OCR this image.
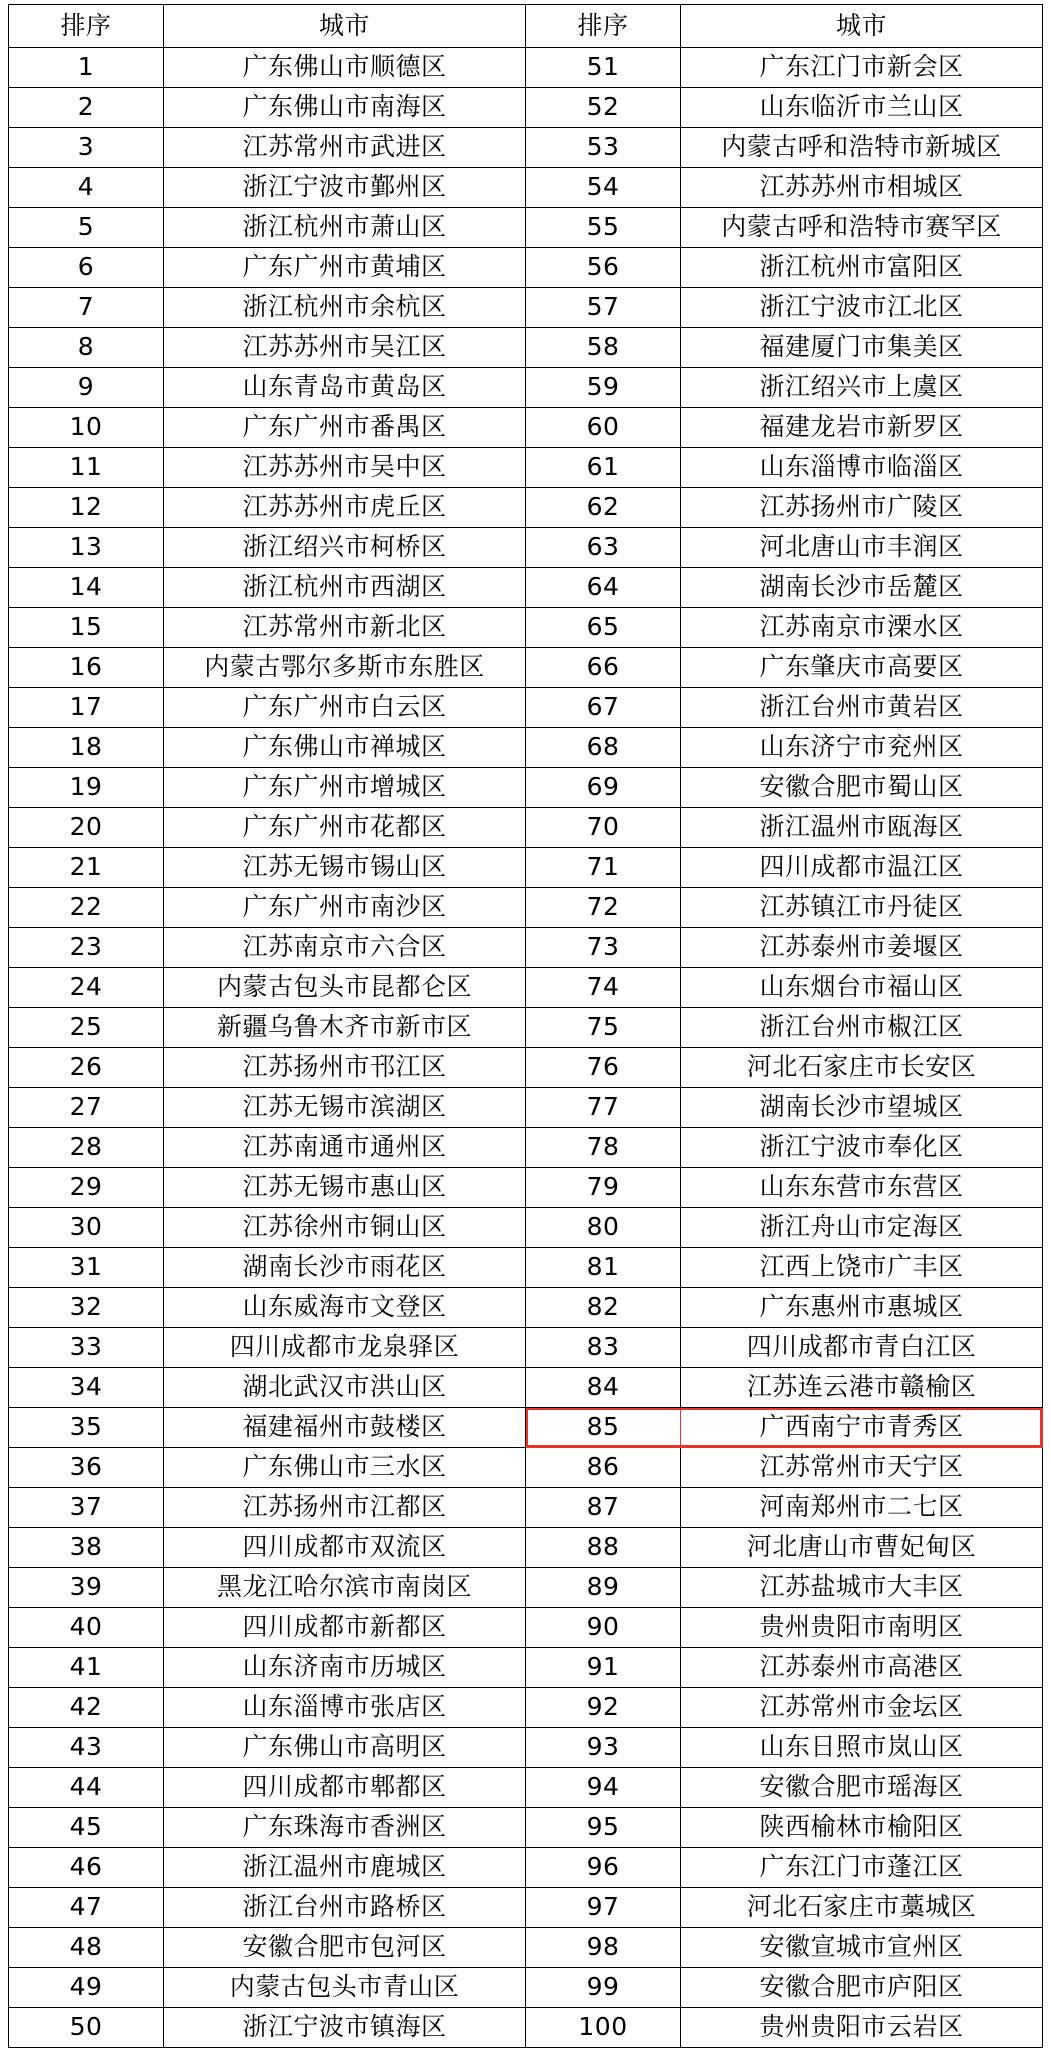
排序	城市	排序	城市
1	广东佛山市顺德区	51	广东江门市新会区
2	广东佛山市南海区	52	山东临沂市兰山区
3	江苏常州市武进区	53	内蒙古呼和浩特市新城区
4	浙江宁波市鄞州区	54	江苏苏州市相城区
5	浙江杭州市萧山区	55	内蒙古呼和浩特市赛罕区
6	广东广州市黄埔区	56	浙江杭州市富阳区
7	浙江杭州市余杭区	57	浙江宁波市江北区
8	江苏苏州市吴江区	58	福建厦门市集美区
9	山东青岛市黄岛区	59	浙江绍兴市上虞区
10	广东广州市番禺区	60	福建龙岩市新罗区
11	江苏苏州市吴中区	61	山东淄博市临淄区
12	江苏苏州市虎丘区	62	江苏扬州市广陵区
13	浙江绍兴市柯桥区	63	河北唐山市丰润区
14	浙江杭州市西湖区	64	湖南长沙市岳麓区
15	江苏常州市新北区	65	江苏南京市溧水区
16	内蒙古鄂尔多斯市东胜区	66	广东肇庆市高要区
17	广东广州市白云区	67	浙江台州市黄岩区
18	广东佛山市禅城区	68	山东济宁市兖州区
19	广东广州市增城区	69	安徽合肥市蜀山区
20	广东广州市花都区	70	浙江温州市瓯海区
21	江苏无锡市锡山区	71	四川成都市温江区
22	广东广州市南沙区	72	江苏镇江市丹徒区
23	江苏南京市六合区	73	江苏泰州市姜堰区
24	内蒙古包头市昆都仑区	74	山东烟台市福山区
25	新疆乌鲁木齐市新市区	75	浙江台州市椒江区
26	江苏扬州市邗江区	76	河北石家庄市长安区
27	江苏无锡市滨湖区	77	湖南长沙市望城区
28	江苏南通市通州区	78	浙江宁波市奉化区
29	江苏无锡市惠山区	79	山东东营市东营区
30	江苏徐州市铜山区	80	浙江舟山市定海区
31	湖南长沙市雨花区	81	江西上饶市广丰区
32	山东威海市文登区	82	广东惠州市惠城区
33	四川成都市龙泉驿区	83	四川成都市青白江区
34	湖北武汉市洪山区	84	江苏连云港市赣榆区
35	福建福州市鼓楼区	85	广西南宁市青秀区
36	广东佛山市三水区	86	江苏常州市天宁区
37	江苏扬州市江都区	87	河南郑州市二七区
38	四川成都市双流区	88	河北唐山市曹妃甸区
39	黑龙江哈尔滨市南岗区	89	江苏盐城市大丰区
40	四川成都市新都区	90	贵州贵阳市南明区
41	山东济南市历城区	91	江苏泰州市高港区
42	山东淄博市张店区	92	江苏常州市金坛区
43	广东佛山市高明区	93	山东日照市岚山区
44	四川成都市郫都区	94	安徽合肥市瑶海区
45	广东珠海市香洲区	95	陕西榆林市榆阳区
46	浙江温州市鹿城区	96	广东江门市蓬江区
47	浙江台州市路桥区	97	河北石家庄市藁城区
48	安徽合肥市包河区	98	安徽宣城市宣州区
49	内蒙古包头市青山区	99	安徽合肥市庐阳区
50	浙江宁波市镇海区	100	贵州贵阳市云岩区
